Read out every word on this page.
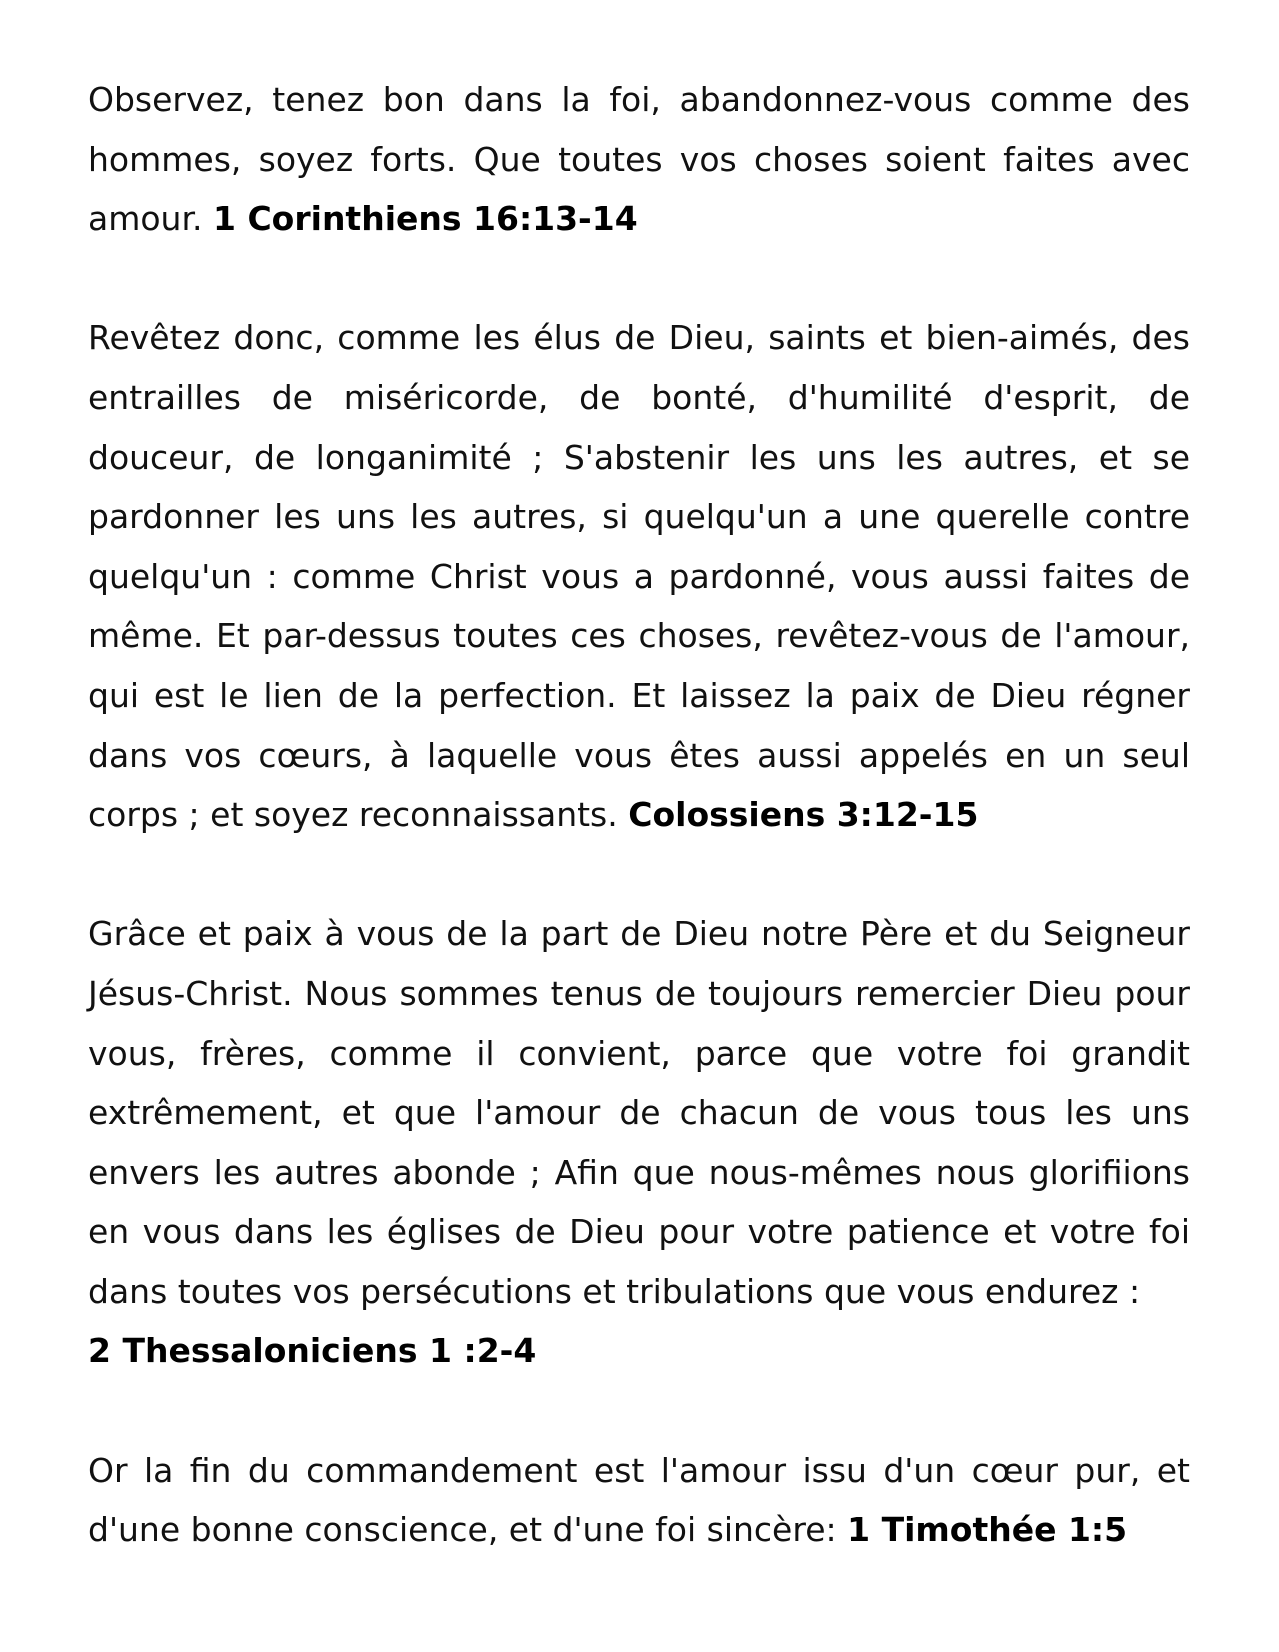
Observez, tenez bon dans la foi, abandonnez-vous comme des hommes, soyez forts. Que toutes vos choses soient faites avec amour. 1 Corinthiens 16:13-14

Revêtez donc, comme les élus de Dieu, saints et bien-aimés, des entrailles de miséricorde, de bonté, d'humilité d'esprit, de douceur, de longanimité ; S'abstenir les uns les autres, et se pardonner les uns les autres, si quelqu'un a une querelle contre quelqu'un : comme Christ vous a pardonné, vous aussi faites de même. Et par-dessus toutes ces choses, revêtez-vous de l'amour, qui est le lien de la perfection. Et laissez la paix de Dieu régner dans vos cœurs, à laquelle vous êtes aussi appelés en un seul corps ; et soyez reconnaissants. Colossiens 3:12-15

Grâce et paix à vous de la part de Dieu notre Père et du Seigneur Jésus-Christ. Nous sommes tenus de toujours remercier Dieu pour vous, frères, comme il convient, parce que votre foi grandit extrêmement, et que l'amour de chacun de vous tous les uns envers les autres abonde ; Afin que nous-mêmes nous glorifiions en vous dans les églises de Dieu pour votre patience et votre foi dans toutes vos persécutions et tribulations que vous endurez :
2 Thessaloniciens 1 :2-4

Or la fin du commandement est l'amour issu d'un cœur pur, et d'une bonne conscience, et d'une foi sincère: 1 Timothée 1:5
